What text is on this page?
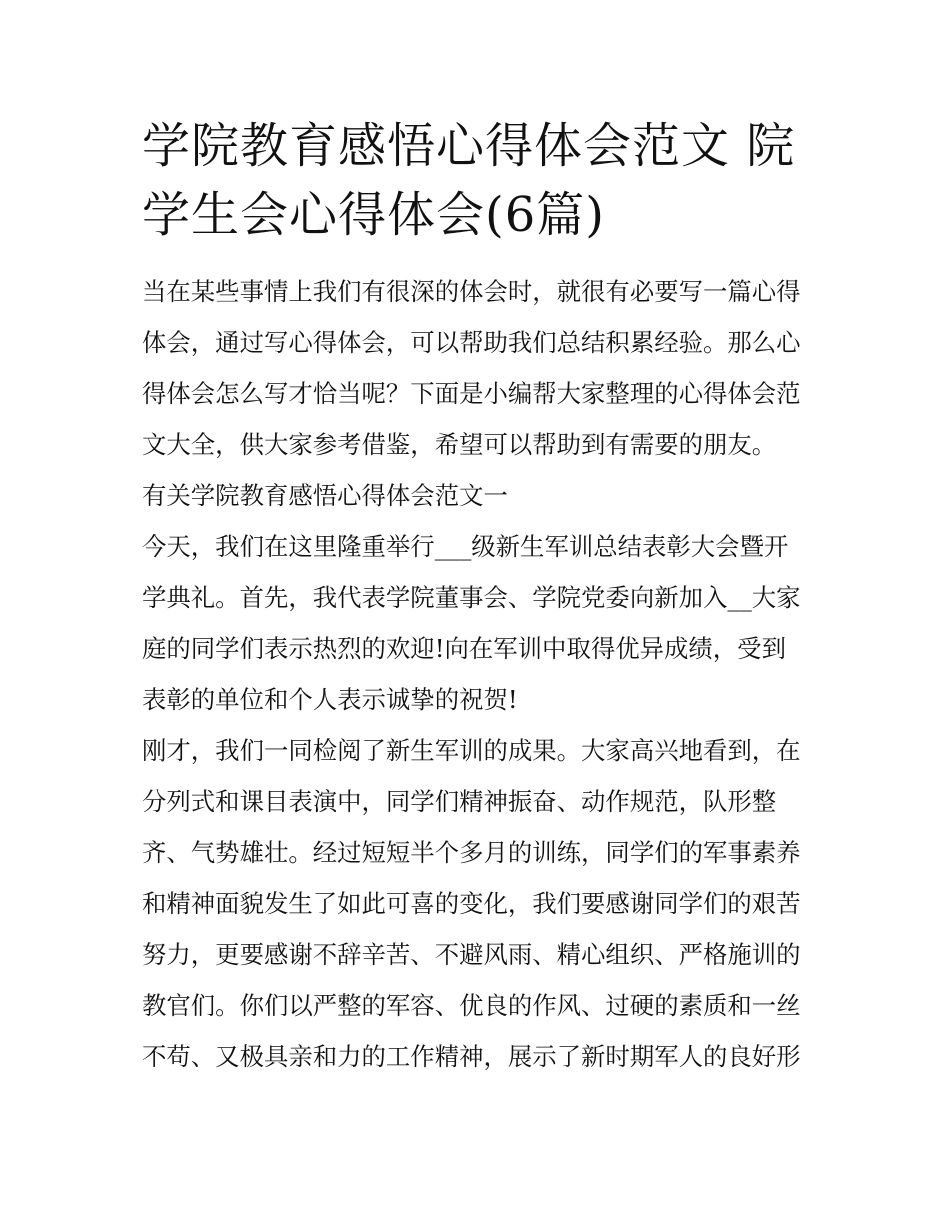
学院教育感悟心得体会范文 院
学生会心得体会(6篇)

当在某些事情上我们有很深的体会时，就很有必要写一篇心得
体会，通过写心得体会，可以帮助我们总结积累经验。那么心
得体会怎么写才恰当呢？下面是小编帮大家整理的心得体会范
文大全，供大家参考借鉴，希望可以帮助到有需要的朋友。

有关学院教育感悟心得体会范文一

今天，我们在这里隆重举行___级新生军训总结表彰大会暨开
学典礼。首先，我代表学院董事会、学院党委向新加入__大家
庭的同学们表示热烈的欢迎!向在军训中取得优异成绩，受到
表彰的单位和个人表示诚挚的祝贺!

刚才，我们一同检阅了新生军训的成果。大家高兴地看到，在
分列式和课目表演中，同学们精神振奋、动作规范，队形整
齐、气势雄壮。经过短短半个多月的训练，同学们的军事素养
和精神面貌发生了如此可喜的变化，我们要感谢同学们的艰苦
努力，更要感谢不辞辛苦、不避风雨、精心组织、严格施训的
教官们。你们以严整的军容、优良的作风、过硬的素质和一丝
不苟、又极具亲和力的工作精神，展示了新时期军人的良好形
